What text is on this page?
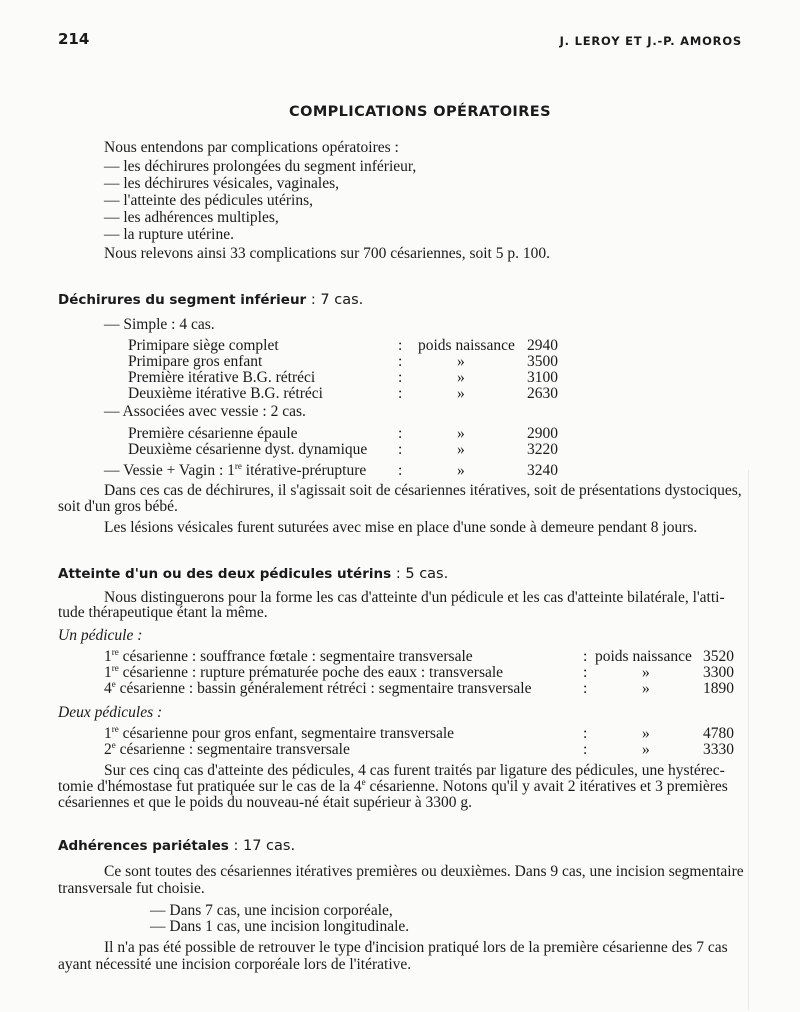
214	J. LEROY ET J.-P. AMOROS
COMPLICATIONS OPÉRATOIRES
Nous entendons par complications opératoires :
— les déchirures prolongées du segment inférieur,
— les déchirures vésicales, vaginales,
— l'atteinte des pédicules utérins,
— les adhérences multiples,
— la rupture utérine.
Nous relevons ainsi 33 complications sur 700 césariennes, soit 5 p. 100.
Déchirures du segment inférieur : 7 cas.
— Simple : 4 cas.
Primipare siège complet	: poids naissance 2940
Primipare gros enfant	:	»	3500
Première itérative B.G. rétréci	:	»	3100
Deuxième itérative B.G. rétréci	:	»	2630
— Associées avec vessie : 2 cas.
Première césarienne épaule	:	»	2900
Deuxième césarienne dyst. dynamique :	»	3220
— Vessie + Vagin : 1re itérative-prérupture :	»	3240
Dans ces cas de déchirures, il s'agissait soit de césariennes itératives, soit de présentations dystociques,
soit d'un gros bébé.
Les lésions vésicales furent suturées avec mise en place d'une sonde à demeure pendant 8 jours.
Atteinte d'un ou des deux pédicules utérins : 5 cas.
Nous distinguerons pour la forme les cas d'atteinte d'un pédicule et les cas d'atteinte bilatérale, l'atti-
tude thérapeutique étant la même.
Un pédicule :
1re césarienne : souffrance fœtale : segmentaire transversale	: poids naissance 3520
1re césarienne : rupture prématurée poche des eaux : transversale	:	»	3300
4e césarienne : bassin généralement rétréci : segmentaire transversale	:	»	1890
Deux pédicules :
1re césarienne pour gros enfant, segmentaire transversale	:	»	4780
2e césarienne : segmentaire transversale	:	»	3330
Sur ces cinq cas d'atteinte des pédicules, 4 cas furent traités par ligature des pédicules, une hystérec-
tomie d'hémostase fut pratiquée sur le cas de la 4e césarienne. Notons qu'il y avait 2 itératives et 3 premières
césariennes et que le poids du nouveau-né était supérieur à 3300 g.
Adhérences pariétales : 17 cas.
Ce sont toutes des césariennes itératives premières ou deuxièmes. Dans 9 cas, une incision segmentaire
transversale fut choisie.
— Dans 7 cas, une incision corporéale,
— Dans 1 cas, une incision longitudinale.
Il n'a pas été possible de retrouver le type d'incision pratiqué lors de la première césarienne des 7 cas
ayant nécessité une incision corporéale lors de l'itérative.
